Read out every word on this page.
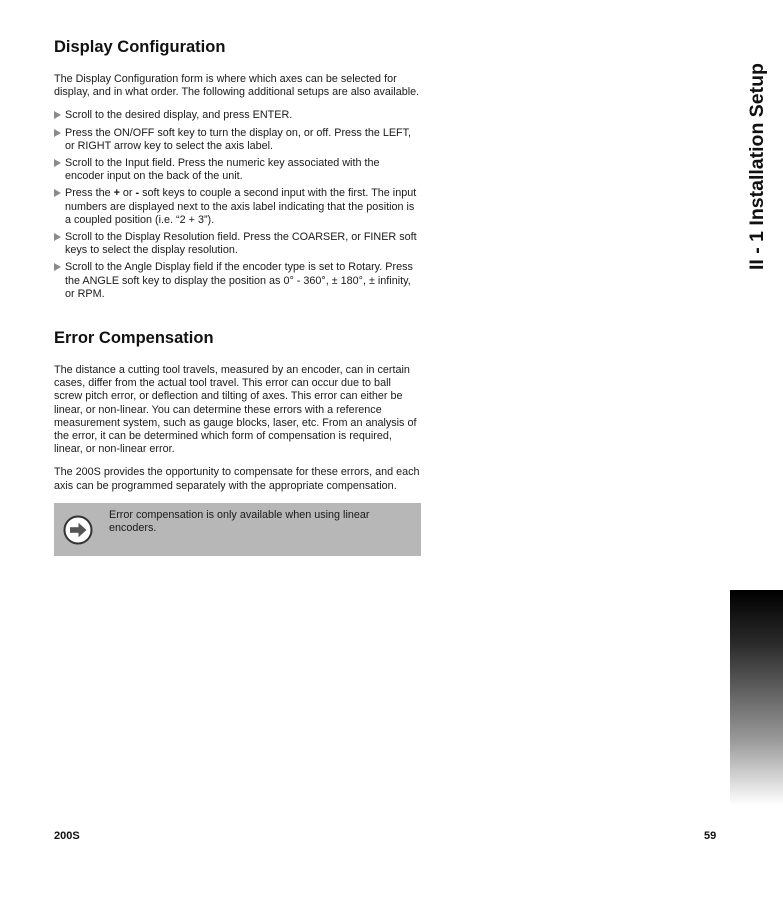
Display Configuration

The Display Configuration form is where which axes can be selected for display, and in what order. The following additional setups are also available.

Scroll to the desired display, and press ENTER.
Press the ON/OFF soft key to turn the display on, or off. Press the LEFT, or RIGHT arrow key to select the axis label.
Scroll to the Input field. Press the numeric key associated with the encoder input on the back of the unit.
Press the + or - soft keys to couple a second input with the first. The input numbers are displayed next to the axis label indicating that the position is a coupled position (i.e. “2 + 3”).
Scroll to the Display Resolution field. Press the COARSER, or FINER soft keys to select the display resolution.
Scroll to the Angle Display field if the encoder type is set to Rotary. Press the ANGLE soft key to display the position as 0° - 360°, ± 180°, ± infinity, or RPM.
Error Compensation

The distance a cutting tool travels, measured by an encoder, can in certain cases, differ from the actual tool travel. This error can occur due to ball screw pitch error, or deflection and tilting of axes. This error can either be linear, or non-linear. You can determine these errors with a reference measurement system, such as gauge blocks, laser, etc. From an analysis of the error, it can be determined which form of compensation is required, linear, or non-linear error.

The 200S provides the opportunity to compensate for these errors, and each axis can be programmed separately with the appropriate compensation.

Error compensation is only available when using linear encoders.
II - 1 Installation Setup
200S	59
